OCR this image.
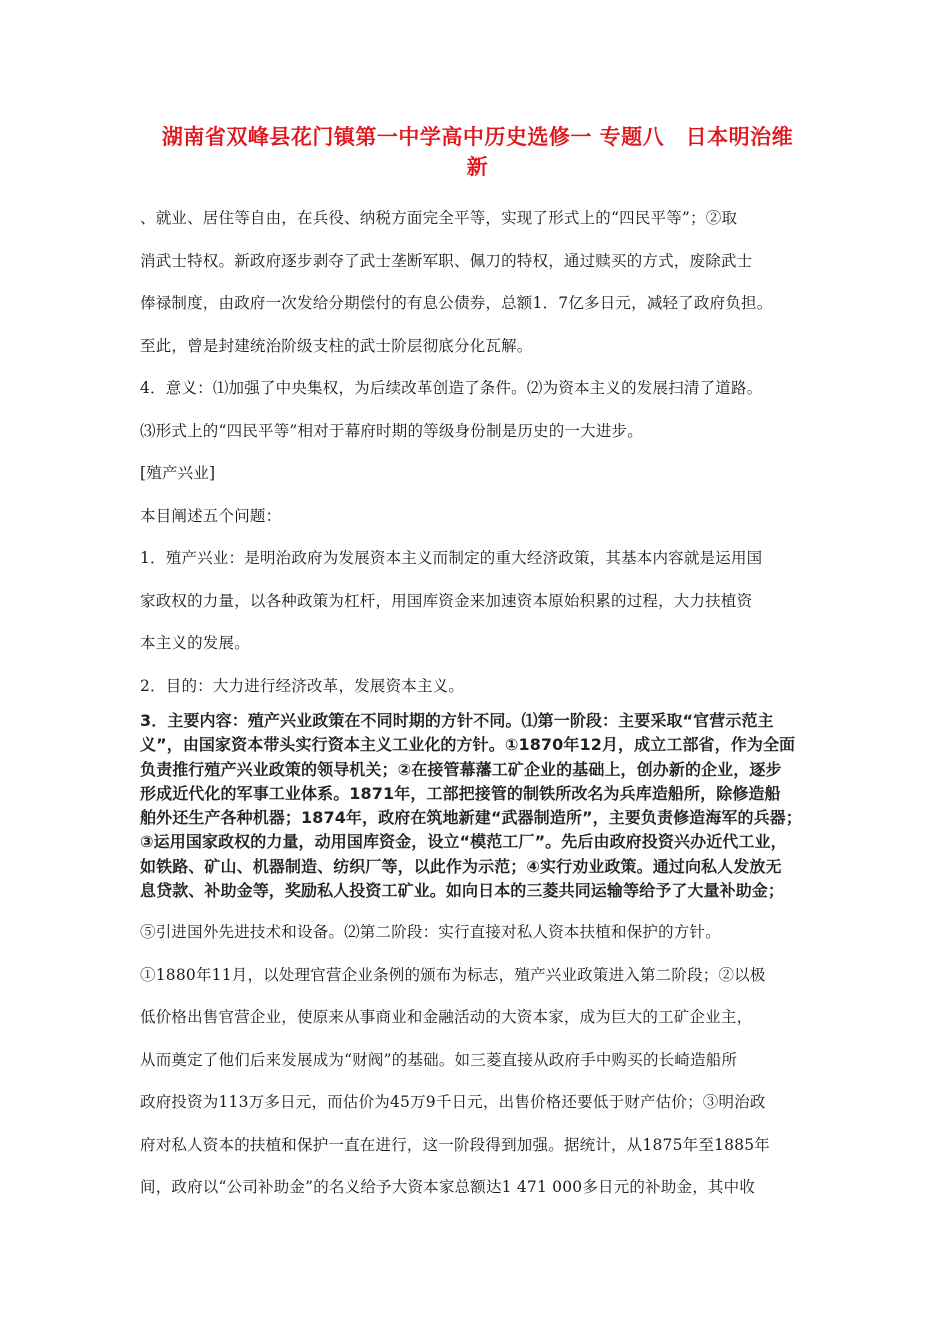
湖南省双峰县花门镇第一中学高中历史选修一 专题八　日本明治维
新
、就业、居住等自由，在兵役、纳税方面完全平等，实现了形式上的“四民平等”；②取
消武士特权。新政府逐步剥夺了武士垄断军职、佩刀的特权，通过赎买的方式，废除武士
俸禄制度，由政府一次发给分期偿付的有息公债券，总额1．7亿多日元，减轻了政府负担。
至此，曾是封建统治阶级支柱的武士阶层彻底分化瓦解。
4．意义：⑴加强了中央集权，为后续改革创造了条件。⑵为资本主义的发展扫清了道路。
⑶形式上的“四民平等”相对于幕府时期的等级身份制是历史的一大进步。
[殖产兴业]
本目阐述五个问题：
1．殖产兴业：是明治政府为发展资本主义而制定的重大经济政策，其基本内容就是运用国
家政权的力量，以各种政策为杠杆，用国库资金来加速资本原始积累的过程，大力扶植资
本主义的发展。
2．目的：大力进行经济改革，发展资本主义。
3．主要内容：殖产兴业政策在不同时期的方针不同。⑴第一阶段：主要采取“官营示范主
义”，由国家资本带头实行资本主义工业化的方针。①1870年12月，成立工部省，作为全面
负责推行殖产兴业政策的领导机关；②在接管幕藩工矿企业的基础上，创办新的企业，逐步
形成近代化的军事工业体系。1871年，工部把接管的制铁所改名为兵库造船所，除修造船
舶外还生产各种机器；1874年，政府在筑地新建“武器制造所”，主要负责修造海军的兵器；
③运用国家政权的力量，动用国库资金，设立“模范工厂”。先后由政府投资兴办近代工业，
如铁路、矿山、机器制造、纺织厂等，以此作为示范；④实行劝业政策。通过向私人发放无
息贷款、补助金等，奖励私人投资工矿业。如向日本的三菱共同运输等给予了大量补助金；
⑤引进国外先进技术和设备。⑵第二阶段：实行直接对私人资本扶植和保护的方针。
①1880年11月，以处理官营企业条例的颁布为标志，殖产兴业政策进入第二阶段；②以极
低价格出售官营企业，使原来从事商业和金融活动的大资本家，成为巨大的工矿企业主，
从而奠定了他们后来发展成为“财阀”的基础。如三菱直接从政府手中购买的长崎造船所
政府投资为113万多日元，而估价为45万9千日元，出售价格还要低于财产估价；③明治政
府对私人资本的扶植和保护一直在进行，这一阶段得到加强。据统计，从1875年至1885年
间，政府以“公司补助金”的名义给予大资本家总额达1 471 000多日元的补助金，其中收
